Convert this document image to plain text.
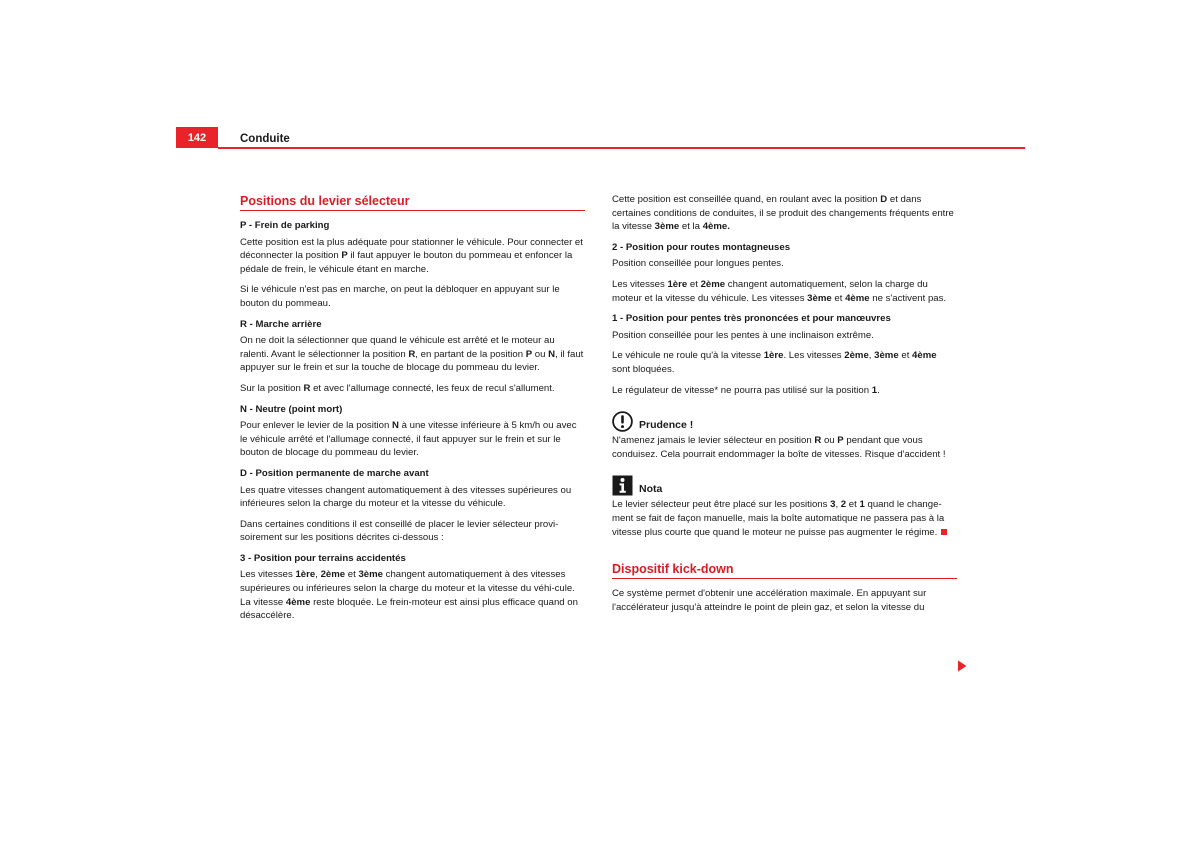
142	Conduite
Positions du levier sélecteur
P - Frein de parking

Cette position est la plus adéquate pour stationner le véhicule. Pour connecter et déconnecter la position P il faut appuyer le bouton du pommeau et enfoncer la pédale de frein, le véhicule étant en marche.

Si le véhicule n'est pas en marche, on peut la débloquer en appuyant sur le bouton du pommeau.

R - Marche arrière

On ne doit la sélectionner que quand le véhicule est arrêté et le moteur au ralenti. Avant le sélectionner la position R, en partant de la position P ou N, il faut appuyer sur le frein et sur la touche de blocage du pommeau du levier.

Sur la position R et avec l'allumage connecté, les feux de recul s'allument.

N - Neutre (point mort)

Pour enlever le levier de la position N à une vitesse inférieure à 5 km/h ou avec le véhicule arrêté et l'allumage connecté, il faut appuyer sur le frein et sur le bouton de blocage du pommeau du levier.

D - Position permanente de marche avant

Les quatre vitesses changent automatiquement à des vitesses supérieures ou inférieures selon la charge du moteur et la vitesse du véhicule.

Dans certaines conditions il est conseillé de placer le levier sélecteur provi-soirement sur les positions décrites ci-dessous :

3 - Position pour terrains accidentés

Les vitesses 1ère, 2ème et 3ème changent automatiquement à des vitesses supérieures ou inférieures selon la charge du moteur et la vitesse du véhi-cule. La vitesse 4ème reste bloquée. Le frein-moteur est ainsi plus efficace quand on désaccélère.

Cette position est conseillée quand, en roulant avec la position D et dans certaines conditions de conduites, il se produit des changements fréquents entre la vitesse 3ème et la 4ème.

2 - Position pour routes montagneuses

Position conseillée pour longues pentes.

Les vitesses 1ère et 2ème changent automatiquement, selon la charge du moteur et la vitesse du véhicule. Les vitesses 3ème et 4ème ne s'activent pas.

1 - Position pour pentes très prononcées et pour manœuvres

Position conseillée pour les pentes à une inclinaison extrême.

Le véhicule ne roule qu'à la vitesse 1ère. Les vitesses 2ème, 3ème et 4ème sont bloquées.

Le régulateur de vitesse* ne pourra pas utilisé sur la position 1.

Prudence !

N'amenez jamais le levier sélecteur en position R ou P pendant que vous conduisez. Cela pourrait endommager la boîte de vitesses. Risque d'accident !

Nota

Le levier sélecteur peut être placé sur les positions 3, 2 et 1 quand le change-ment se fait de façon manuelle, mais la boîte automatique ne passera pas à la vitesse plus courte que quand le moteur ne puisse pas augmenter le régime.

Dispositif kick-down

Ce système permet d'obtenir une accélération maximale. En appuyant sur l'accélérateur jusqu'à atteindre le point de plein gaz, et selon la vitesse du
